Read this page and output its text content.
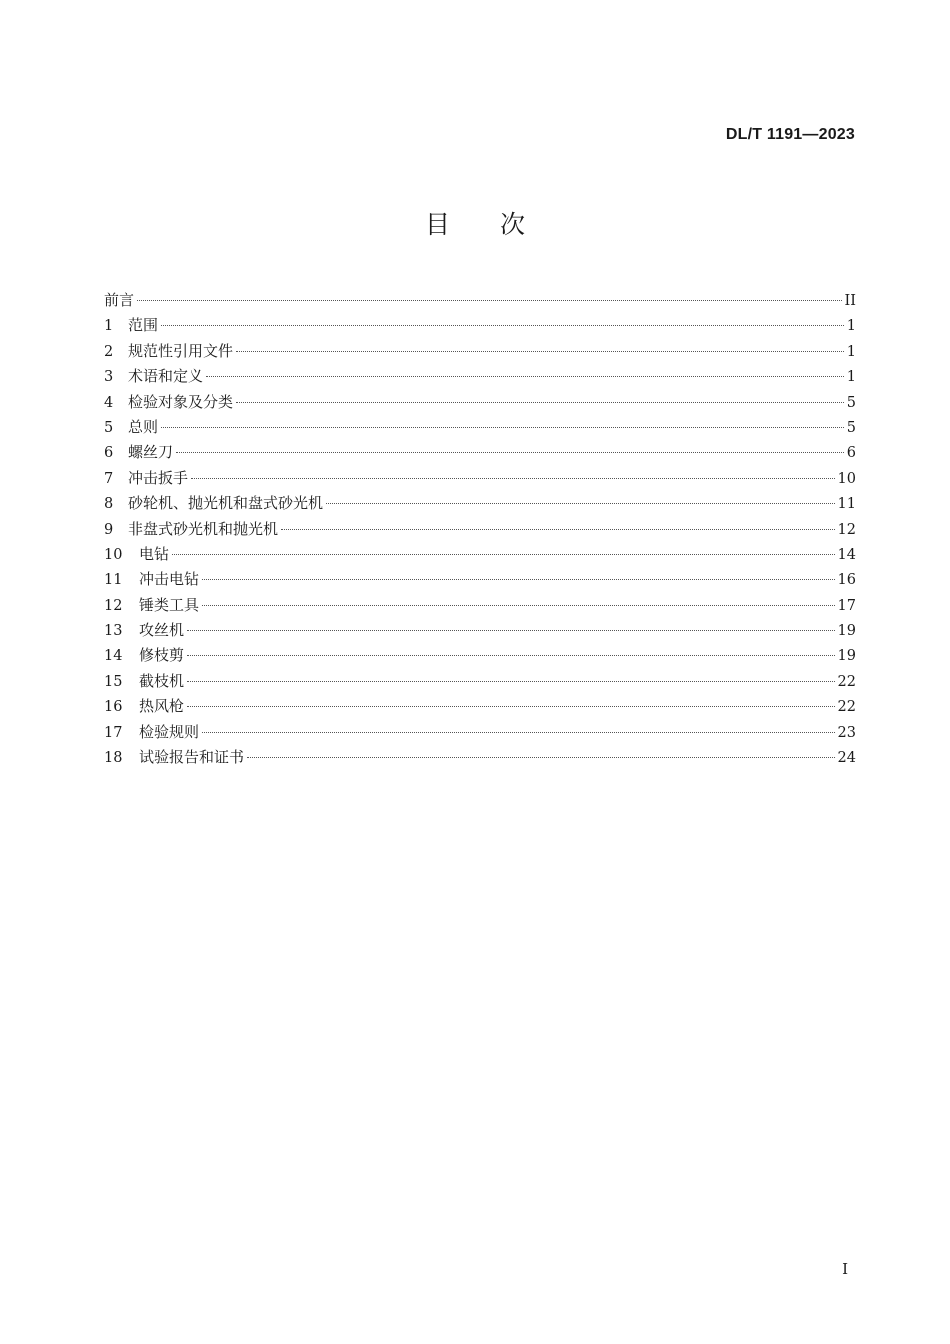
DL/T 1191—2023
目 次
前言	II
1 范围	1
2 规范性引用文件	1
3 术语和定义	1
4 检验对象及分类	5
5 总则	5
6 螺丝刀	6
7 冲击扳手	10
8 砂轮机、抛光机和盘式砂光机	11
9 非盘式砂光机和抛光机	12
10	电钻	14
11	冲击电钻	16
12	锤类工具	17
13	攻丝机	19
14	修枝剪	19
15	截枝机	22
16	热风枪	22
17	检验规则	23
18	试验报告和证书	24
I
